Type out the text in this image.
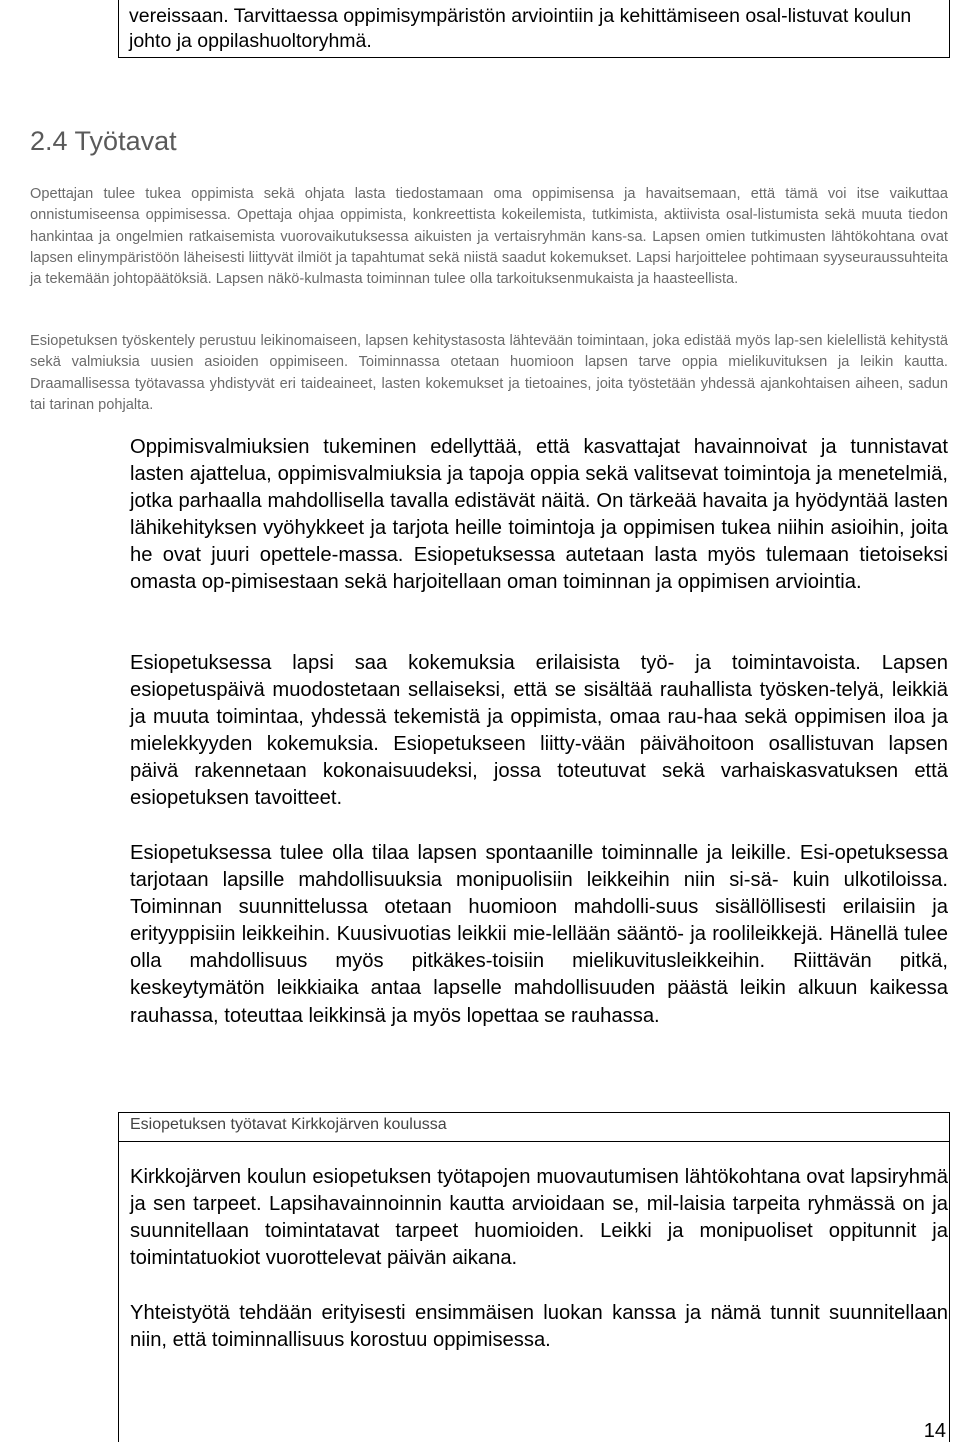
vereissaan. Tarvittaessa oppimisympäristön arviointiin ja kehittämiseen osal-listuvat koulun johto ja oppilashuoltoryhmä.
2.4 Työtavat
Opettajan tulee tukea oppimista sekä ohjata lasta tiedostamaan oma oppimisensa ja havaitsemaan, että tämä voi itse vaikuttaa onnistumiseensa oppimisessa. Opettaja ohjaa oppimista, konkreettista kokeilemista, tutkimista, aktiivista osal-listumista sekä muuta tiedon hankintaa ja ongelmien ratkaisemista vuorovaikutuksessa aikuisten ja vertaisryhmän kans-sa. Lapsen omien tutkimusten lähtökohtana ovat lapsen elinympäristöön läheisesti liittyvät ilmiöt ja tapahtumat sekä niistä saadut kokemukset. Lapsi harjoittelee pohtimaan syyseuraussuhteita ja tekemään johtopäätöksiä. Lapsen näkö-kulmasta toiminnan tulee olla tarkoituksenmukaista ja haasteellista.
Esiopetuksen työskentely perustuu leikinomaiseen, lapsen kehitystasosta lähtevään toimintaan, joka edistää myös lap-sen kielellistä kehitystä sekä valmiuksia uusien asioiden oppimiseen. Toiminnassa otetaan huomioon lapsen tarve oppia mielikuvituksen ja leikin kautta. Draamallisessa työtavassa yhdistyvät eri taideaineet, lasten kokemukset ja tietoaines, joita työstetään yhdessä ajankohtaisen aiheen, sadun tai tarinan pohjalta.
Oppimisvalmiuksien tukeminen edellyttää, että kasvattajat havainnoivat ja tunnistavat lasten ajattelua, oppimisvalmiuksia ja tapoja oppia sekä valitsevat toimintoja ja menetelmiä, jotka parhaalla mahdollisella tavalla edistävät näitä. On tärkeää havaita ja hyödyntää lasten lähikehityksen vyöhykkeet ja tarjota heille toimintoja ja oppimisen tukea niihin asioihin, joita he ovat juuri opettele-massa. Esiopetuksessa autetaan lasta myös tulemaan tietoiseksi omasta op-pimisestaan sekä harjoitellaan oman toiminnan ja oppimisen arviointia.
Esiopetuksessa lapsi saa kokemuksia erilaisista työ- ja toimintavoista. Lapsen esiopetuspäivä muodostetaan sellaiseksi, että se sisältää rauhallista työsken-telyä, leikkiä ja muuta toimintaa, yhdessä tekemistä ja oppimista, omaa rau-haa sekä oppimisen iloa ja mielekkyyden kokemuksia. Esiopetukseen liitty-vään päivähoitoon osallistuvan lapsen päivä rakennetaan kokonaisuudeksi, jossa toteutuvat sekä varhaiskasvatuksen että esiopetuksen tavoitteet.
Esiopetuksessa tulee olla tilaa lapsen spontaanille toiminnalle ja leikille. Esi-opetuksessa tarjotaan lapsille mahdollisuuksia monipuolisiin leikkeihin niin si-sä- kuin ulkotiloissa. Toiminnan suunnittelussa otetaan huomioon mahdolli-suus sisällöllisesti erilaisiin ja erityyppisiin leikkeihin. Kuusivuotias leikkii mie-lellään sääntö- ja roolileikkejä. Hänellä tulee olla mahdollisuus myös pitkäkes-toisiin mielikuvitusleikkeihin. Riittävän pitkä, keskeytymätön leikkiaika antaa lapselle mahdollisuuden päästä leikin alkuun kaikessa rauhassa, toteuttaa leikkinsä ja myös lopettaa se rauhassa.
Esiopetuksen työtavat Kirkkojärven koulussa
Kirkkojärven koulun esiopetuksen työtapojen muovautumisen lähtökohtana ovat lapsiryhmä ja sen tarpeet. Lapsihavainnoinnin kautta arvioidaan se, mil-laisia tarpeita ryhmässä on ja suunnitellaan toimintatavat tarpeet huomioiden. Leikki ja monipuoliset oppitunnit ja toimintatuokiot vuorottelevat päivän aikana.
Yhteistyötä tehdään erityisesti ensimmäisen luokan kanssa ja nämä tunnit suunnitellaan niin, että toiminnallisuus korostuu oppimisessa.
14
